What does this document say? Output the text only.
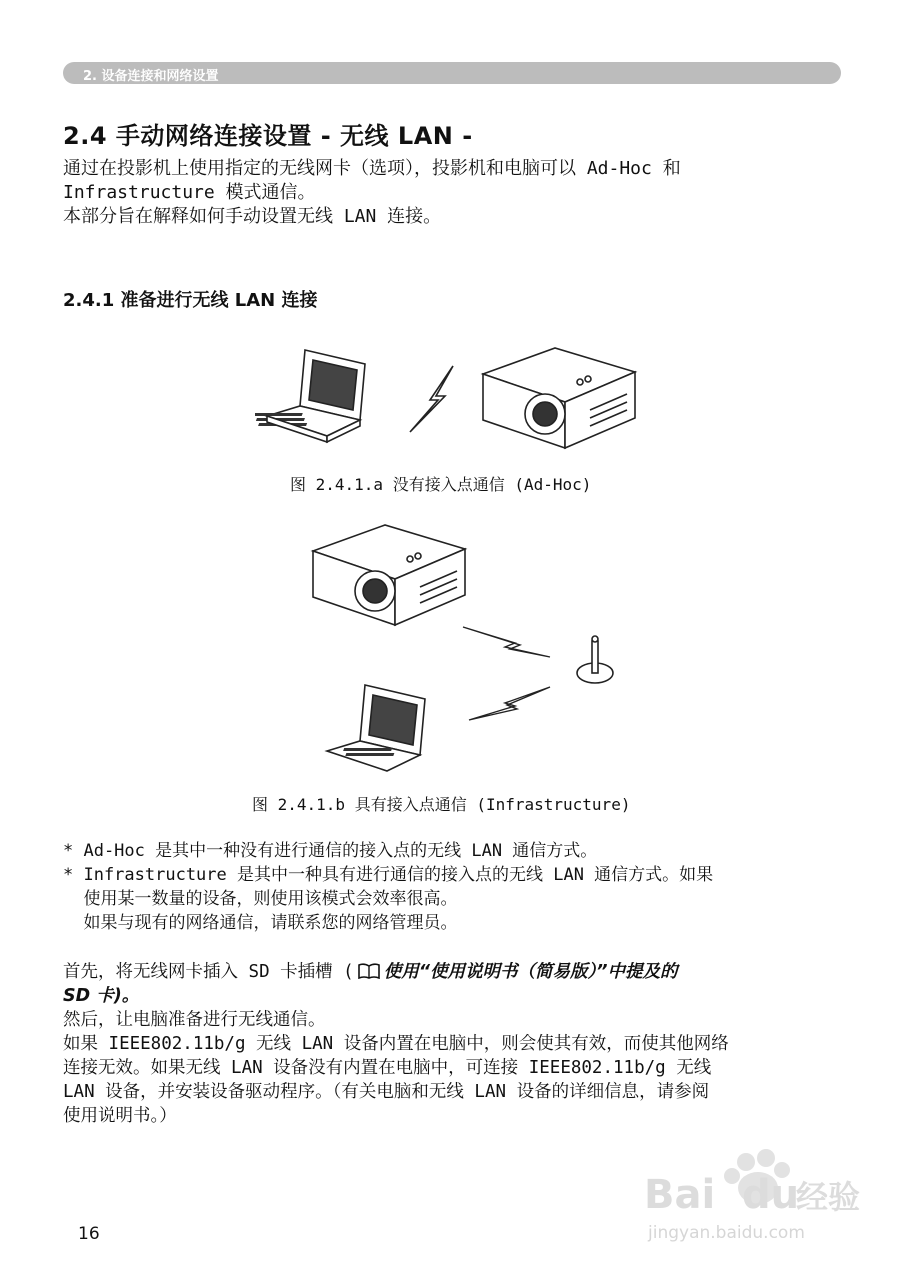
2. 设备连接和网络设置
2.4 手动网络连接设置 - 无线 LAN -
通过在投影机上使用指定的无线网卡（选项），投影机和电脑可以 Ad-Hoc 和
Infrastructure 模式通信。
本部分旨在解释如何手动设置无线 LAN 连接。
2.4.1 准备进行无线 LAN 连接
图 2.4.1.a 没有接入点通信 (Ad-Hoc)
图 2.4.1.b 具有接入点通信 (Infrastructure)
* Ad-Hoc 是其中一种没有进行通信的接入点的无线 LAN 通信方式。
* Infrastructure 是其中一种具有进行通信的接入点的无线 LAN 通信方式。如果
使用某一数量的设备，则使用该模式会效率很高。
如果与现有的网络通信，请联系您的网络管理员。
首先，将无线网卡插入 SD 卡插槽 ( 使用“使用说明书（简易版）”中提及的
SD 卡)。
然后，让电脑准备进行无线通信。
如果 IEEE802.11b/g 无线 LAN 设备内置在电脑中，则会使其有效，而使其他网络
连接无效。如果无线 LAN 设备没有内置在电脑中，可连接 IEEE802.11b/g 无线
LAN 设备，并安装设备驱动程序。（有关电脑和无线 LAN 设备的详细信息，请参阅
使用说明书。）
16
Bai du
经验
jingyan.baidu.com
